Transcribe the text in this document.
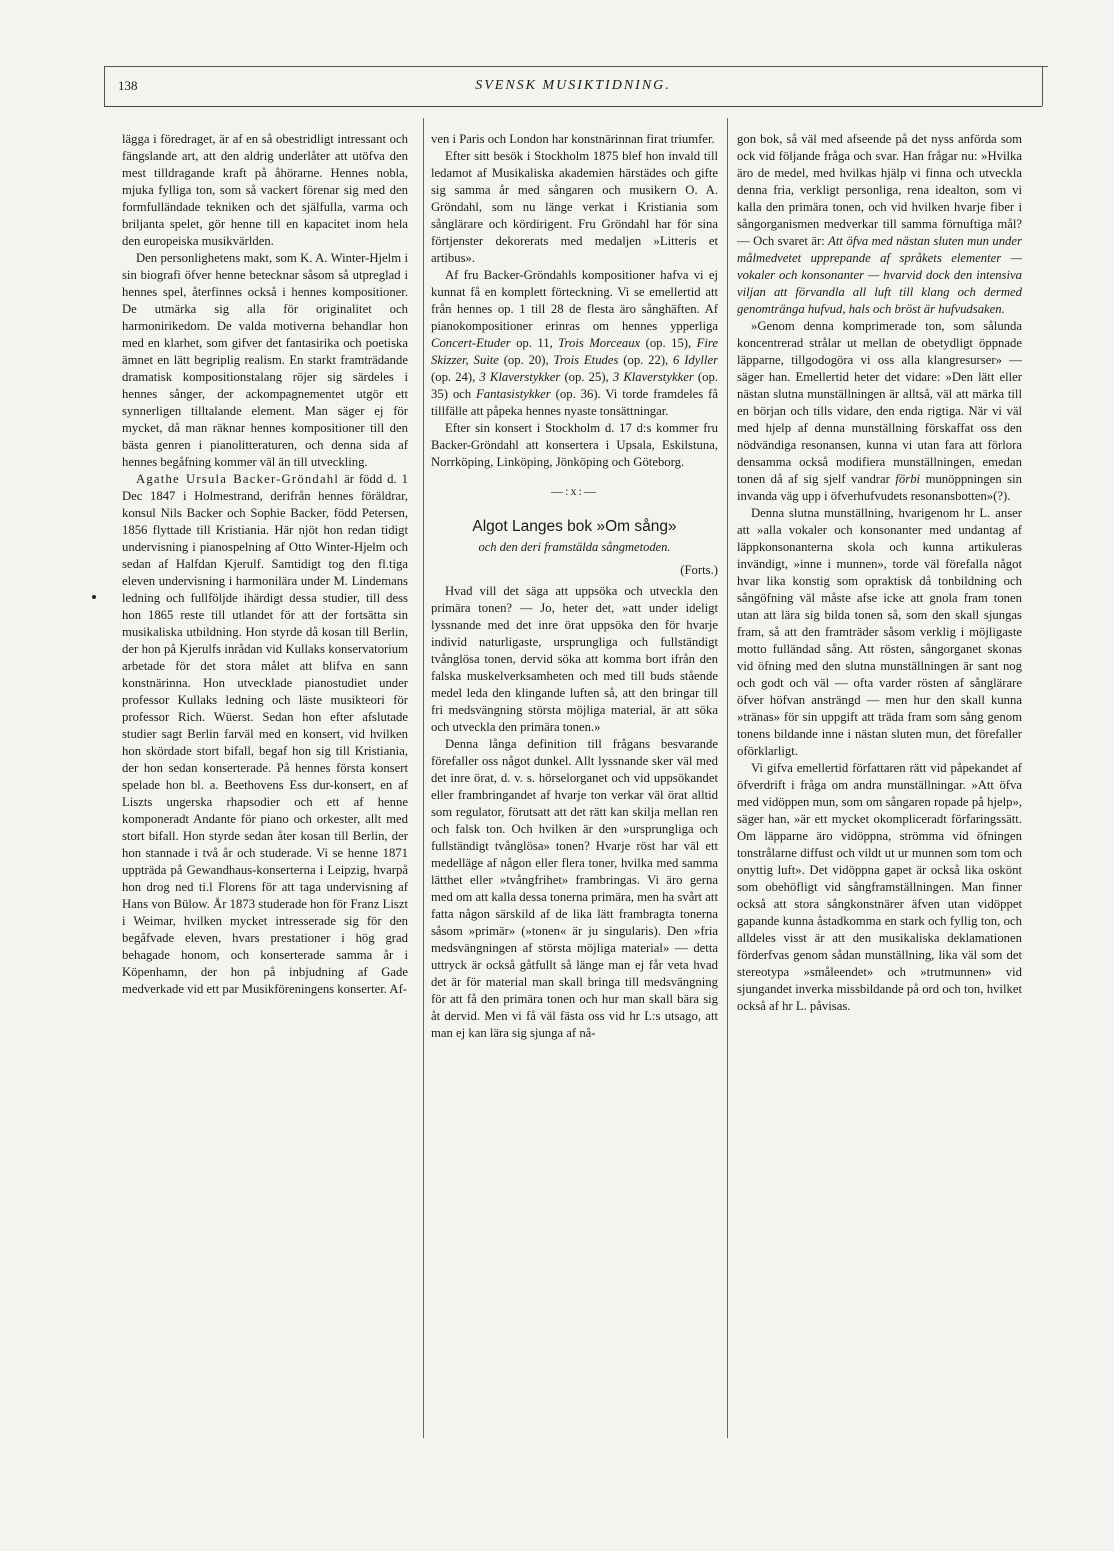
138	SVENSK MUSIKTIDNING.

lägga i föredraget, är af en så obestridligt intressant och fängslande art, att den aldrig underlåter att utöfva den mest tilldragande kraft på åhörarne. Hennes nobla, mjuka fylliga ton, som så vackert förenar sig med den formfulländade tekniken och det själfulla, varma och briljanta spelet, gör henne till en kapacitet inom hela den europeiska musikvärlden.

Den personlighetens makt, som K. A. Winter-Hjelm i sin biografi öfver henne betecknar såsom så utpreglad i hennes spel, återfinnes också i hennes kompositioner. De utmärka sig alla för originalitet och harmonirikedom. De valda motiverna behandlar hon med en klarhet, som gifver det fantasirika och poetiska ämnet en lätt begriplig realism. En starkt framträdande dramatisk kompositionstalang röjer sig särdeles i hennes sånger, der ackompagnementet utgör ett synnerligen tilltalande element. Man säger ej för mycket, då man räknar hennes kompositioner till den bästa genren i pianolitteraturen, och denna sida af hennes begåfning kommer väl än till utveckling.

Agathe Ursula Backer-Gröndahl är född d. 1 Dec 1847 i Holmestrand, derifrån hennes föräldrar, konsul Nils Backer och Sophie Backer, född Petersen, 1856 flyttade till Kristiania. Här njöt hon redan tidigt undervisning i pianospelning af Otto Winter-Hjelm och sedan af Halfdan Kjerulf. Samtidigt tog den fl.tiga eleven undervisning i harmonilära under M. Lindemans ledning och fullföljde ihärdigt dessa studier, till dess hon 1865 reste till utlandet för att der fortsätta sin musikaliska utbildning. Hon styrde då kosan till Berlin, der hon på Kjerulfs inrådan vid Kullaks konservatorium arbetade för det stora målet att blifva en sann konstnärinna. Hon utvecklade pianostudiet under professor Kullaks ledning och läste musikteori för professor Rich. Wüerst. Sedan hon efter afslutade studier sagt Berlin farväl med en konsert, vid hvilken hon skördade stort bifall, begaf hon sig till Kristiania, der hon sedan konserterade. På hennes första konsert spelade hon bl. a. Beethovens Ess dur-konsert, en af Liszts ungerska rhapsodier och ett af henne komponeradt Andante för piano och orkester, allt med stort bifall. Hon styrde sedan åter kosan till Berlin, der hon stannade i två år och studerade. Vi se henne 1871 uppträda på Gewandhaus-konserterna i Leipzig, hvarpå hon drog ned ti.l Florens för att taga undervisning af Hans von Bülow. År 1873 studerade hon för Franz Liszt i Weimar, hvilken mycket intresserade sig för den begåfvade eleven, hvars prestationer i hög grad behagade honom, och konserterade samma år i Köpenhamn, der hon på inbjudning af Gade medverkade vid ett par Musikföreningens konserter. Af-

ven i Paris och London har konstnärinnan firat triumfer.

Efter sitt besök i Stockholm 1875 blef hon invald till ledamot af Musikaliska akademien härstädes och gifte sig samma år med sångaren och musikern O. A. Gröndahl, som nu länge verkat i Kristiania som sånglärare och kördirigent. Fru Gröndahl har för sina förtjenster dekorerats med medaljen »Litteris et artibus».

Af fru Backer-Gröndahls kompositioner hafva vi ej kunnat få en komplett förteckning. Vi se emellertid att från hennes op. 1 till 28 de flesta äro sånghäften. Af pianokompositioner erinras om hennes ypperliga Concert-Etuder op. 11, Trois Morceaux (op. 15), Fire Skizzer, Suite (op. 20), Trois Etudes (op. 22), 6 Idyller (op. 24), 3 Klaverstykker (op. 25), 3 Klaverstykker (op. 35) och Fantasistykker (op. 36). Vi torde framdeles få tillfälle att påpeka hennes nyaste tonsättningar.

Efter sin konsert i Stockholm d. 17 d:s kommer fru Backer-Gröndahl att konsertera i Upsala, Eskilstuna, Norrköping, Linköping, Jönköping och Göteborg.

—:x:—
Algot Langes bok »Om sång»
och den deri framstälda sångmetoden.
(Forts.)

Hvad vill det säga att uppsöka och utveckla den primära tonen? — Jo, heter det, »att under ideligt lyssnande med det inre örat uppsöka den för hvarje individ naturligaste, ursprungliga och fullständigt tvånglösa tonen, dervid söka att komma bort ifrån den falska muskelverksamheten och med till buds stående medel leda den klingande luften så, att den bringar till fri medsvängning största möjliga material, är att söka och utveckla den primära tonen.»

Denna långa definition till frågans besvarande förefaller oss något dunkel. Allt lyssnande sker väl med det inre örat, d. v. s. hörselorganet och vid uppsökandet eller frambringandet af hvarje ton verkar väl örat alltid som regulator, förutsatt att det rätt kan skilja mellan ren och falsk ton. Och hvilken är den »ursprungliga och fullständigt tvånglösa» tonen? Hvarje röst har väl ett medelläge af någon eller flera toner, hvilka med samma lätthet eller »tvångfrihet» frambringas. Vi äro gerna med om att kalla dessa tonerna primära, men ha svårt att fatta någon särskild af de lika lätt frambragta tonerna såsom »primär» (»tonen« är ju singularis). Den »fria medsvängningen af största möjliga material» — detta uttryck är också gåtfullt så länge man ej får veta hvad det är för material man skall bringa till medsvängning för att få den primära tonen och hur man skall bära sig åt dervid. Men vi få väl fästa oss vid hr L:s utsago, att man ej kan lära sig sjunga af nå-

gon bok, så väl med afseende på det nyss anförda som ock vid följande fråga och svar. Han frågar nu: »Hvilka äro de medel, med hvilkas hjälp vi finna och utveckla denna fria, verkligt personliga, rena idealton, som vi kalla den primära tonen, och vid hvilken hvarje fiber i sångorganismen medverkar till samma förnuftiga mål? — Och svaret är: Att öfva med nästan sluten mun under målmedvetet upprepande af språkets elementer — vokaler och konsonanter — hvarvid dock den intensiva viljan att förvandla all luft till klang och dermed genomtränga hufvud, hals och bröst är hufvudsaken.

»Genom denna komprimerade ton, som sålunda koncentrerad strålar ut mellan de obetydligt öppnade läpparne, tillgodogöra vi oss alla klangresurser» — säger han. Emellertid heter det vidare: »Den lätt eller nästan slutna munställningen är alltså, väl att märka till en början och tills vidare, den enda rigtiga. När vi väl med hjelp af denna munställning förskaffat oss den nödvändiga resonansen, kunna vi utan fara att förlora densamma också modifiera munställningen, emedan tonen då af sig sjelf vandrar förbi munöppningen sin invanda väg upp i öfverhufvudets resonansbotten»(?).

Denna slutna munställning, hvarigenom hr L. anser att »alla vokaler och konsonanter med undantag af läppkonsonanterna skola och kunna artikuleras invändigt, »inne i munnen», torde väl förefalla något hvar lika konstig som opraktisk då tonbildning och sångöfning väl måste afse icke att gnola fram tonen utan att lära sig bilda tonen så, som den skall sjungas fram, så att den framträder såsom verklig i möjligaste motto fulländad sång. Att rösten, sångorganet skonas vid öfning med den slutna munställningen är sant nog och godt och väl — ofta varder rösten af sånglärare öfver höfvan ansträngd — men hur den skall kunna »tränas» för sin uppgift att träda fram som sång genom tonens bildande inne i nästan sluten mun, det förefaller oförklarligt.

Vi gifva emellertid författaren rätt vid påpekandet af öfverdrift i fråga om andra munställningar. »Att öfva med vidöppen mun, som om sångaren ropade på hjelp», säger han, »är ett mycket okompliceradt förfaringssätt. Om läpparne äro vidöppna, strömma vid öfningen tonstrålarne diffust och vildt ut ur munnen som tom och onyttig luft». Det vidöppna gapet är också lika oskönt som obehöfligt vid sångframställningen. Man finner också att stora sångkonstnärer äfven utan vidöppet gapande kunna åstadkomma en stark och fyllig ton, och alldeles visst är att den musikaliska deklamationen förderfvas genom sådan munställning, lika väl som det stereotypa »småleendet» och »trutmunnen» vid sjungandet inverka missbildande på ord och ton, hvilket också af hr L. påvisas.
